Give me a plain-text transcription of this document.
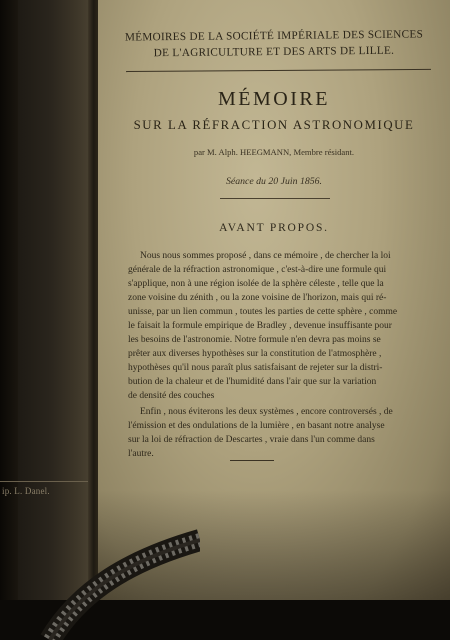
ip. L. Danel.
MÉMOIRES DE LA SOCIÉTÉ IMPÉRIALE DES SCIENCES
DE L'AGRICULTURE ET DES ARTS DE LILLE.
MÉMOIRE
SUR LA RÉFRACTION ASTRONOMIQUE
par M. Alph. HEEGMANN, Membre résidant.
Séance du 20 Juin 1856.
AVANT PROPOS.
Nous nous sommes proposé , dans ce mémoire , de chercher la loi
générale de la réfraction astronomique , c'est-à-dire une formule qui
s'applique, non à une région isolée de la sphère céleste , telle que la
zone voisine du zénith , ou la zone voisine de l'horizon, mais qui ré-
unisse, par un lien commun , toutes les parties de cette sphère , comme
le faisait la formule empirique de Bradley , devenue insuffisante pour
les besoins de l'astronomie. Notre formule n'en devra pas moins se
prêter aux diverses hypothèses sur la constitution de l'atmosphère ,
hypothèses qu'il nous paraît plus satisfaisant de rejeter sur la distri-
bution de la chaleur et de l'humidité dans l'air que sur la variation
de densité des couches
Enfin , nous éviterons les deux systèmes , encore controversés , de
l'émission et des ondulations de la lumière , en basant notre analyse
sur la loi de réfraction de Descartes , vraie dans l'un comme dans
l'autre.
